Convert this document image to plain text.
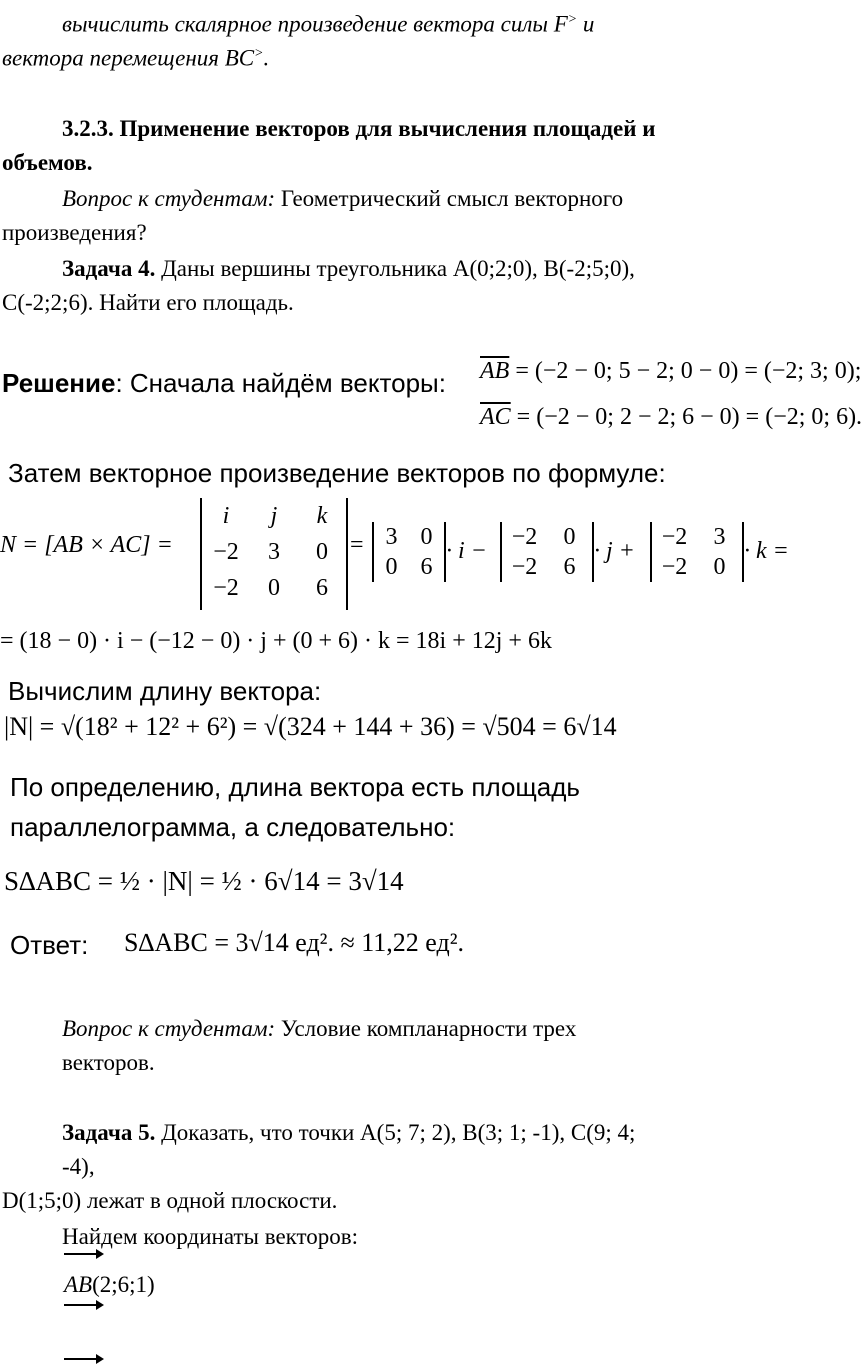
вычислить скалярное произведение вектора силы F> и
вектора перемещения BC>.
3.2.3. Применение векторов для вычисления площадей и
объемов.
Вопрос к студентам: Геометрический смысл векторного
произведения?
Задача 4. Даны вершины треугольника А(0;2;0), В(-2;5;0),
С(-2;2;6). Найти его площадь.
Решение: Сначала найдём векторы: $\overline{AB} = (-2 - 0$; 5 − 2; 0 − 0) = (−2; 3; 0);
$\overline{AC} = (-2 - 0$; 2 − 2; 6 − 0) = (−2; 0; 6).
Затем векторное произведение векторов по формуле:
N = [AB × AC] =
i	j	k
−2	3	0
−2	0	6
= 3 0
0 6
· i −
−2	0
−2	6
· j +
−2	3
−2	0
· k =
= (18 − 0) · i − (−12 − 0) · j + (0 + 6) · k = 18i + 12j + 6k
Вычислим длину вектора:
|N| = √(18² + 12² + 6²) = √(324 + 144 + 36) = √504 = 6√14
По определению, длина вектора есть площадь
параллелограмма, а следовательно:
S∆ABC = ½ · |N| = ½ · 6√14 = 3√14
Ответ: S∆ABC = 3√14 ед². ≈ 11,22 ед².
Вопрос к студентам: Условие компланарности трех
векторов.
Задача 5. Доказать, что точки А(5; 7; 2), В(3; 1; -1), С(9; 4;
-4),
D(1;5;0) лежат в одной плоскости.
Найдем координаты векторов:
AB(2;6;1)
